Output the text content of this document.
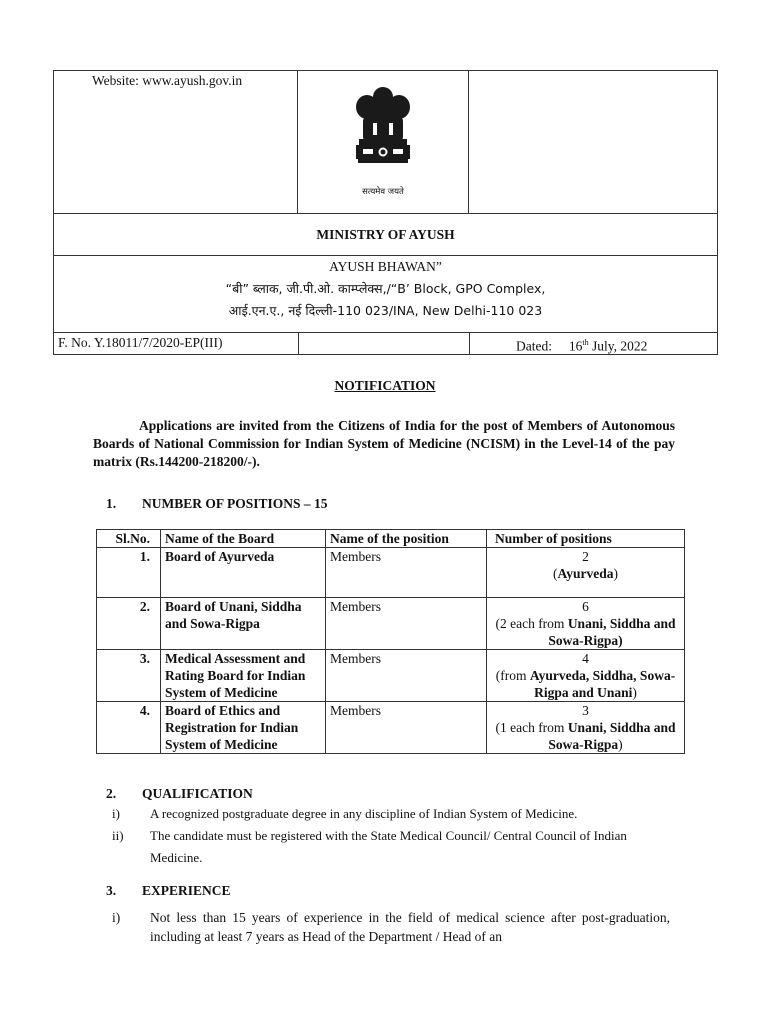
Website: www.ayush.gov.in
सत्यमेव जयते
MINISTRY OF AYUSH
AYUSH BHAWAN”
“बी” ब्लाक, जी.पी.ओ. काम्प्लेक्स,/“B’ Block, GPO Complex,
आई.एन.ए., नई दिल्ली-110 023/INA, New Delhi-110 023
F. No. Y.18011/7/2020-EP(III)	Dated: 16th July, 2022
NOTIFICATION
Applications are invited from the Citizens of India for the post of Members of Autonomous Boards of National Commission for Indian System of Medicine (NCISM) in the Level-14 of the pay matrix (Rs.144200-218200/-).
1. NUMBER OF POSITIONS – 15
Sl.No.	Name of the Board	Name of the position	Number of positions
1.	Board of Ayurveda	Members	2
(Ayurveda)

2.	Board of Unani, Siddha and Sowa-Rigpa	Members	6
(2 each from Unani, Siddha and Sowa-Rigpa)

3.	Medical Assessment and Rating Board for Indian System of Medicine	Members	4
(from Ayurveda, Siddha, Sowa-Rigpa and Unani)

4.	Board of Ethics and Registration for Indian System of Medicine	Members	3
(1 each from Unani, Siddha and Sowa-Rigpa)
2. QUALIFICATION
i)	A recognized postgraduate degree in any discipline of Indian System of Medicine.
ii)	The candidate must be registered with the State Medical Council/ Central Council of Indian Medicine.
3. EXPERIENCE
i)	Not less than 15 years of experience in the field of medical science after post-graduation, including at least 7 years as Head of the Department / Head of an
